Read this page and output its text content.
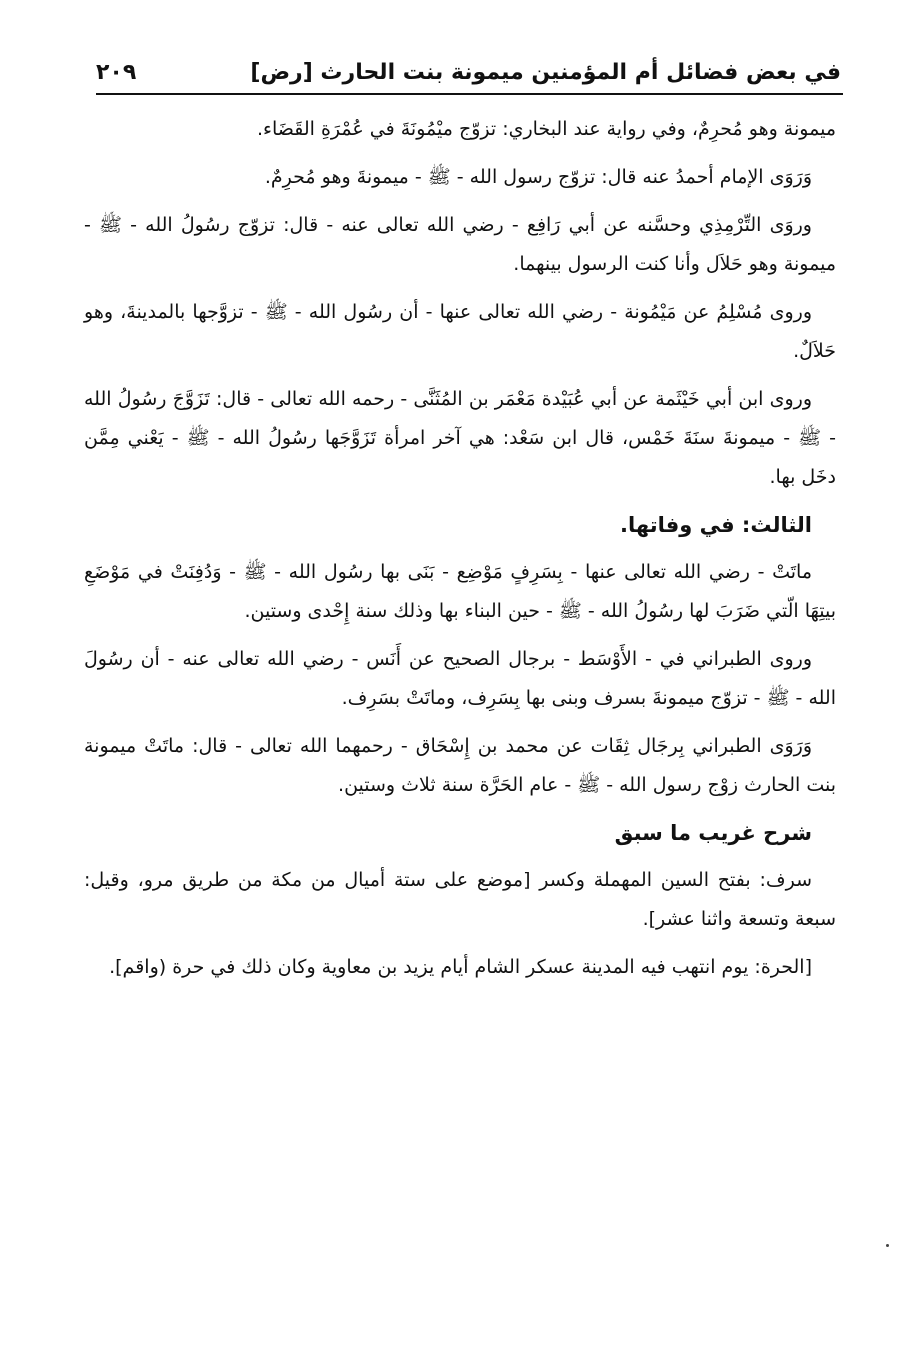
في بعض فضائل أم المؤمنين ميمونة بنت الحارث [رض]
٢٠٩

ميمونة وهو مُحرِمٌ، وفي رواية عند البخاري: تزوّج ميْمُونَةَ في عُمْرَةِ القَضَاء.

وَرَوَى الإمام أحمدُ عنه قال: تزوّج رسول الله - ﷺ - ميمونةَ وهو مُحرِمٌ.

وروَى التِّرْمِذِي وحسَّنه عن أبي رَافِع - رضي الله تعالى عنه - قال: تزوّج رسُولُ الله - ﷺ - ميمونة وهو حَلاَل وأنا كنت الرسول بينهما.

وروى مُسْلِمُ عن مَيْمُونة - رضي الله تعالى عنها - أن رسُول الله - ﷺ - تزوَّجها بالمدينةَ، وهو حَلاَلٌ.

وروى ابن أبي خَيْثَمة عن أبي عُبَيْدة مَعْمَر بن المُثَنَّى - رحمه الله تعالى - قال: تَزَوَّجَ رسُولُ الله - ﷺ - ميمونةَ سنَةَ خَمْس، قال ابن سَعْد: هي آخر امرأة تَزَوَّجَها رسُولُ الله - ﷺ - يَعْني مِمَّن دخَل بها.

الثالث: في وفاتها.

ماتَتْ - رضي الله تعالى عنها - بِسَرِفٍ مَوْضِع - بَنَى بها رسُول الله - ﷺ - وَدُفِنَتْ في مَوْضَعِ بيتِهَا الّتي ضَرَبَ لها رسُولُ الله - ﷺ - حين البناء بها وذلك سنة إِحْدى وستين.

وروى الطبراني في - الأَوْسَط - برجال الصحيح عن أَنَس - رضي الله تعالى عنه - أن رسُولَ الله - ﷺ - تزوّج ميمونةَ بسرف وبنى بها بِسَرِف، وماتَتْ بسَرِف.

وَرَوَى الطبراني بِرجَال ثِقَات عن محمد بن إِسْحَاق - رحمهما الله تعالى - قال: ماتَتْ ميمونة بنت الحارث زوْج رسول الله - ﷺ - عام الحَرَّة سنة ثلاث وستين.

شرح غريب ما سبق

سرف: بفتح السين المهملة وكسر [موضع على ستة أميال من مكة من طريق مرو، وقيل: سبعة وتسعة واثنا عشر].

[الحرة: يوم انتهب فيه المدينة عسكر الشام أيام يزيد بن معاوية وكان ذلك في حرة (واقم].
